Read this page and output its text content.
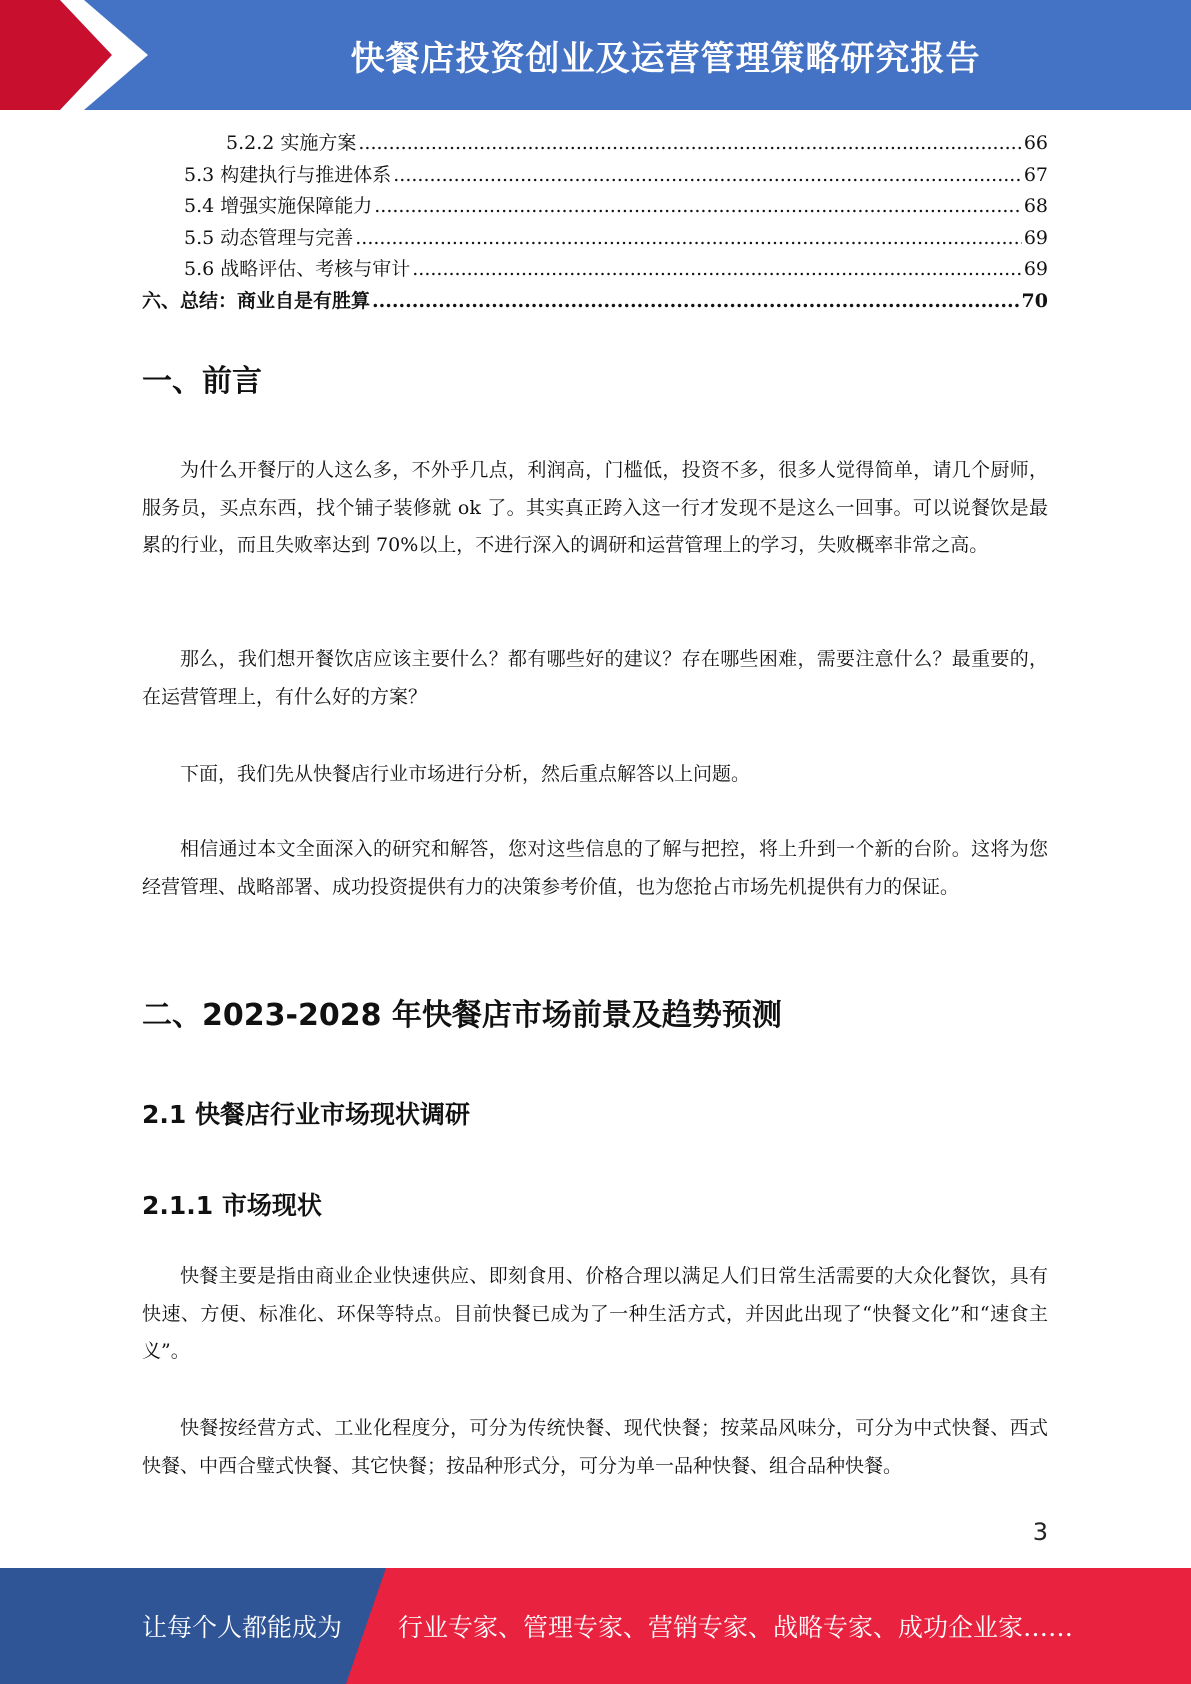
快餐店投资创业及运营管理策略研究报告
5.2.2 实施方案 .....	66
5.3 构建执行与推进体系 .....	67
5.4 增强实施保障能力 .....	68
5.5 动态管理与完善 .....	69
5.6 战略评估、考核与审计 .....	69
六、总结：商业自是有胜算 .....	70
一、前言

为什么开餐厅的人这么多，不外乎几点，利润高，门槛低，投资不多，很多人觉得简单，请几个厨师，服务员，买点东西，找个铺子装修就 ok 了。其实真正跨入这一行才发现不是这么一回事。可以说餐饮是最累的行业，而且失败率达到 70%以上，不进行深入的调研和运营管理上的学习，失败概率非常之高。

那么，我们想开餐饮店应该主要什么？都有哪些好的建议？存在哪些困难，需要注意什么？最重要的，在运营管理上，有什么好的方案？

下面，我们先从快餐店行业市场进行分析，然后重点解答以上问题。

相信通过本文全面深入的研究和解答，您对这些信息的了解与把控，将上升到一个新的台阶。这将为您经营管理、战略部署、成功投资提供有力的决策参考价值，也为您抢占市场先机提供有力的保证。

二、2023-2028 年快餐店市场前景及趋势预测
2.1 快餐店行业市场现状调研
2.1.1 市场现状

快餐主要是指由商业企业快速供应、即刻食用、价格合理以满足人们日常生活需要的大众化餐饮，具有快速、方便、标准化、环保等特点。目前快餐已成为了一种生活方式，并因此出现了“快餐文化”和“速食主义”。

快餐按经营方式、工业化程度分，可分为传统快餐、现代快餐；按菜品风味分，可分为中式快餐、西式快餐、中西合璧式快餐、其它快餐；按品种形式分，可分为单一品种快餐、组合品种快餐。

3
让每个人都能成为 行业专家、管理专家、营销专家、战略专家、成功企业家……
